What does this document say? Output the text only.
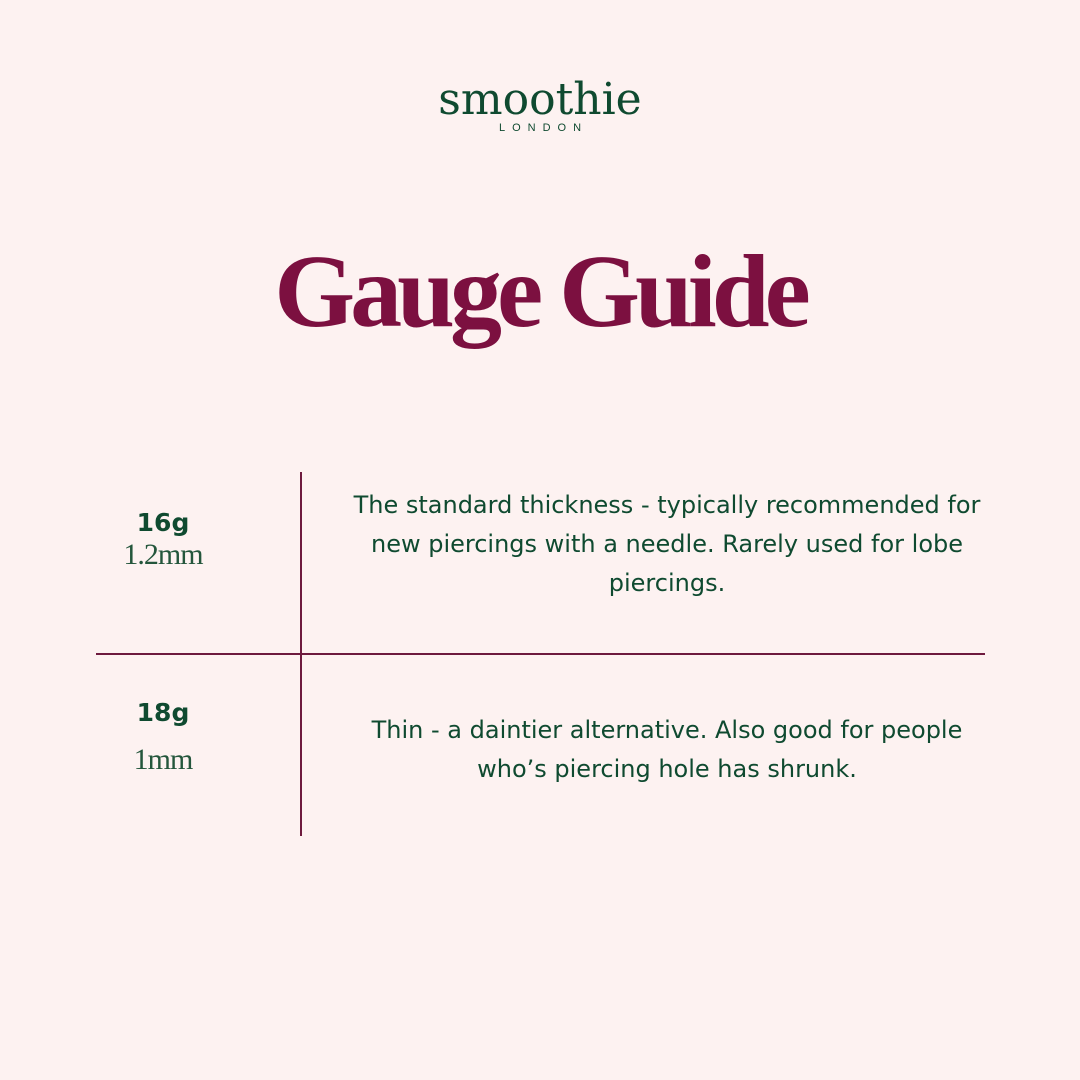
smoothie
LONDON
Gauge Guide
16g
1.2mm
The standard thickness - typically recommended for new piercings with a needle. Rarely used for lobe piercings.
18g
1mm
Thin - a daintier alternative. Also good for people who’s piercing hole has shrunk.
